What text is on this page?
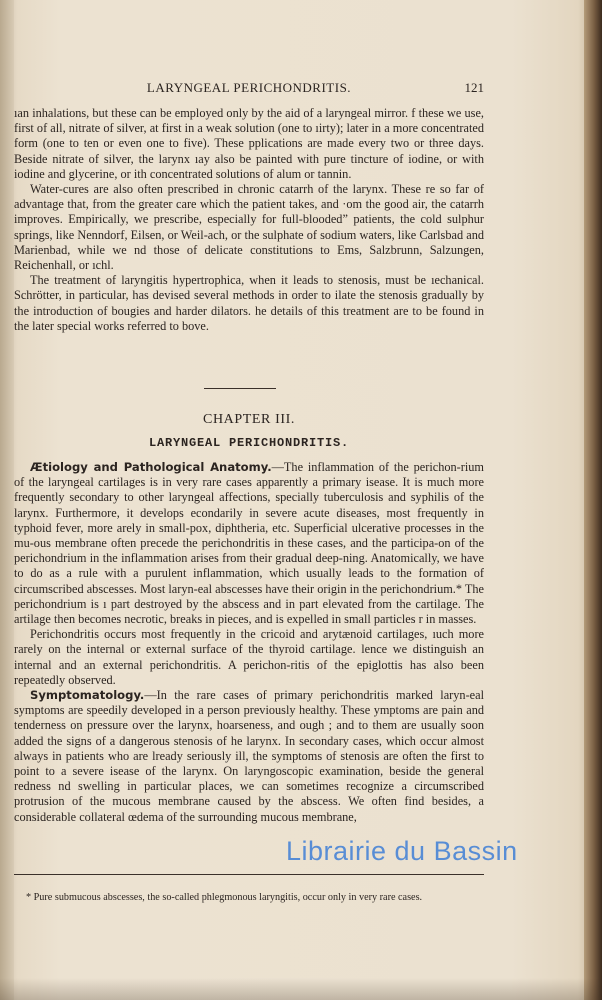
LARYNGEAL PERICHONDRITIS.	121

ıan inhalations, but these can be employed only by the aid of a laryngeal mirror. f these we use, first of all, nitrate of silver, at first in a weak solution (one to ıirty); later in a more concentrated form (one to ten or even one to five). These pplications are made every two or three days. Beside nitrate of silver, the larynx ıay also be painted with pure tincture of iodine, or with iodine and glycerine, or ith concentrated solutions of alum or tannin.

Water-cures are also often prescribed in chronic catarrh of the larynx. These re so far of advantage that, from the greater care which the patient takes, and ·om the good air, the catarrh improves. Empirically, we prescribe, especially for full-blooded” patients, the cold sulphur springs, like Nenndorf, Eilsen, or Weil-ach, or the sulphate of sodium waters, like Carlsbad and Marienbad, while we nd those of delicate constitutions to Ems, Salzbrunn, Salzungen, Reichenhall, or ıchl.

The treatment of laryngitis hypertrophica, when it leads to stenosis, must be ıechanical. Schrötter, in particular, has devised several methods in order to ilate the stenosis gradually by the introduction of bougies and harder dilators. he details of this treatment are to be found in the later special works referred to bove.

CHAPTER III.
LARYNGEAL PERICHONDRITIS.

Ætiology and Pathological Anatomy.—The inflammation of the perichon-rium of the laryngeal cartilages is in very rare cases apparently a primary isease. It is much more frequently secondary to other laryngeal affections, specially tuberculosis and syphilis of the larynx. Furthermore, it develops econdarily in severe acute diseases, most frequently in typhoid fever, more arely in small-pox, diphtheria, etc. Superficial ulcerative processes in the mu-ous membrane often precede the perichondritis in these cases, and the participa-on of the perichondrium in the inflammation arises from their gradual deep-ning. Anatomically, we have to do as a rule with a purulent inflammation, which usually leads to the formation of circumscribed abscesses. Most laryn-eal abscesses have their origin in the perichondrium.* The perichondrium is ı part destroyed by the abscess and in part elevated from the cartilage. The artilage then becomes necrotic, breaks in pieces, and is expelled in small particles r in masses.

Perichondritis occurs most frequently in the cricoid and arytænoid cartilages, ıuch more rarely on the internal or external surface of the thyroid cartilage. lence we distinguish an internal and an external perichondritis. A perichon-ritis of the epiglottis has also been repeatedly observed.

Symptomatology.—In the rare cases of primary perichondritis marked laryn-eal symptoms are speedily developed in a person previously healthy. These ymptoms are pain and tenderness on pressure over the larynx, hoarseness, and ough ; and to them are usually soon added the signs of a dangerous stenosis of he larynx. In secondary cases, which occur almost always in patients who are lready seriously ill, the symptoms of stenosis are often the first to point to a severe isease of the larynx. On laryngoscopic examination, beside the general redness nd swelling in particular places, we can sometimes recognize a circumscribed protrusion of the mucous membrane caused by the abscess. We often find besides, a considerable collateral œdema of the surrounding mucous membrane,

* Pure submucous abscesses, the so-called phlegmonous laryngitis, occur only in very rare cases.

Librairie du Bassin
